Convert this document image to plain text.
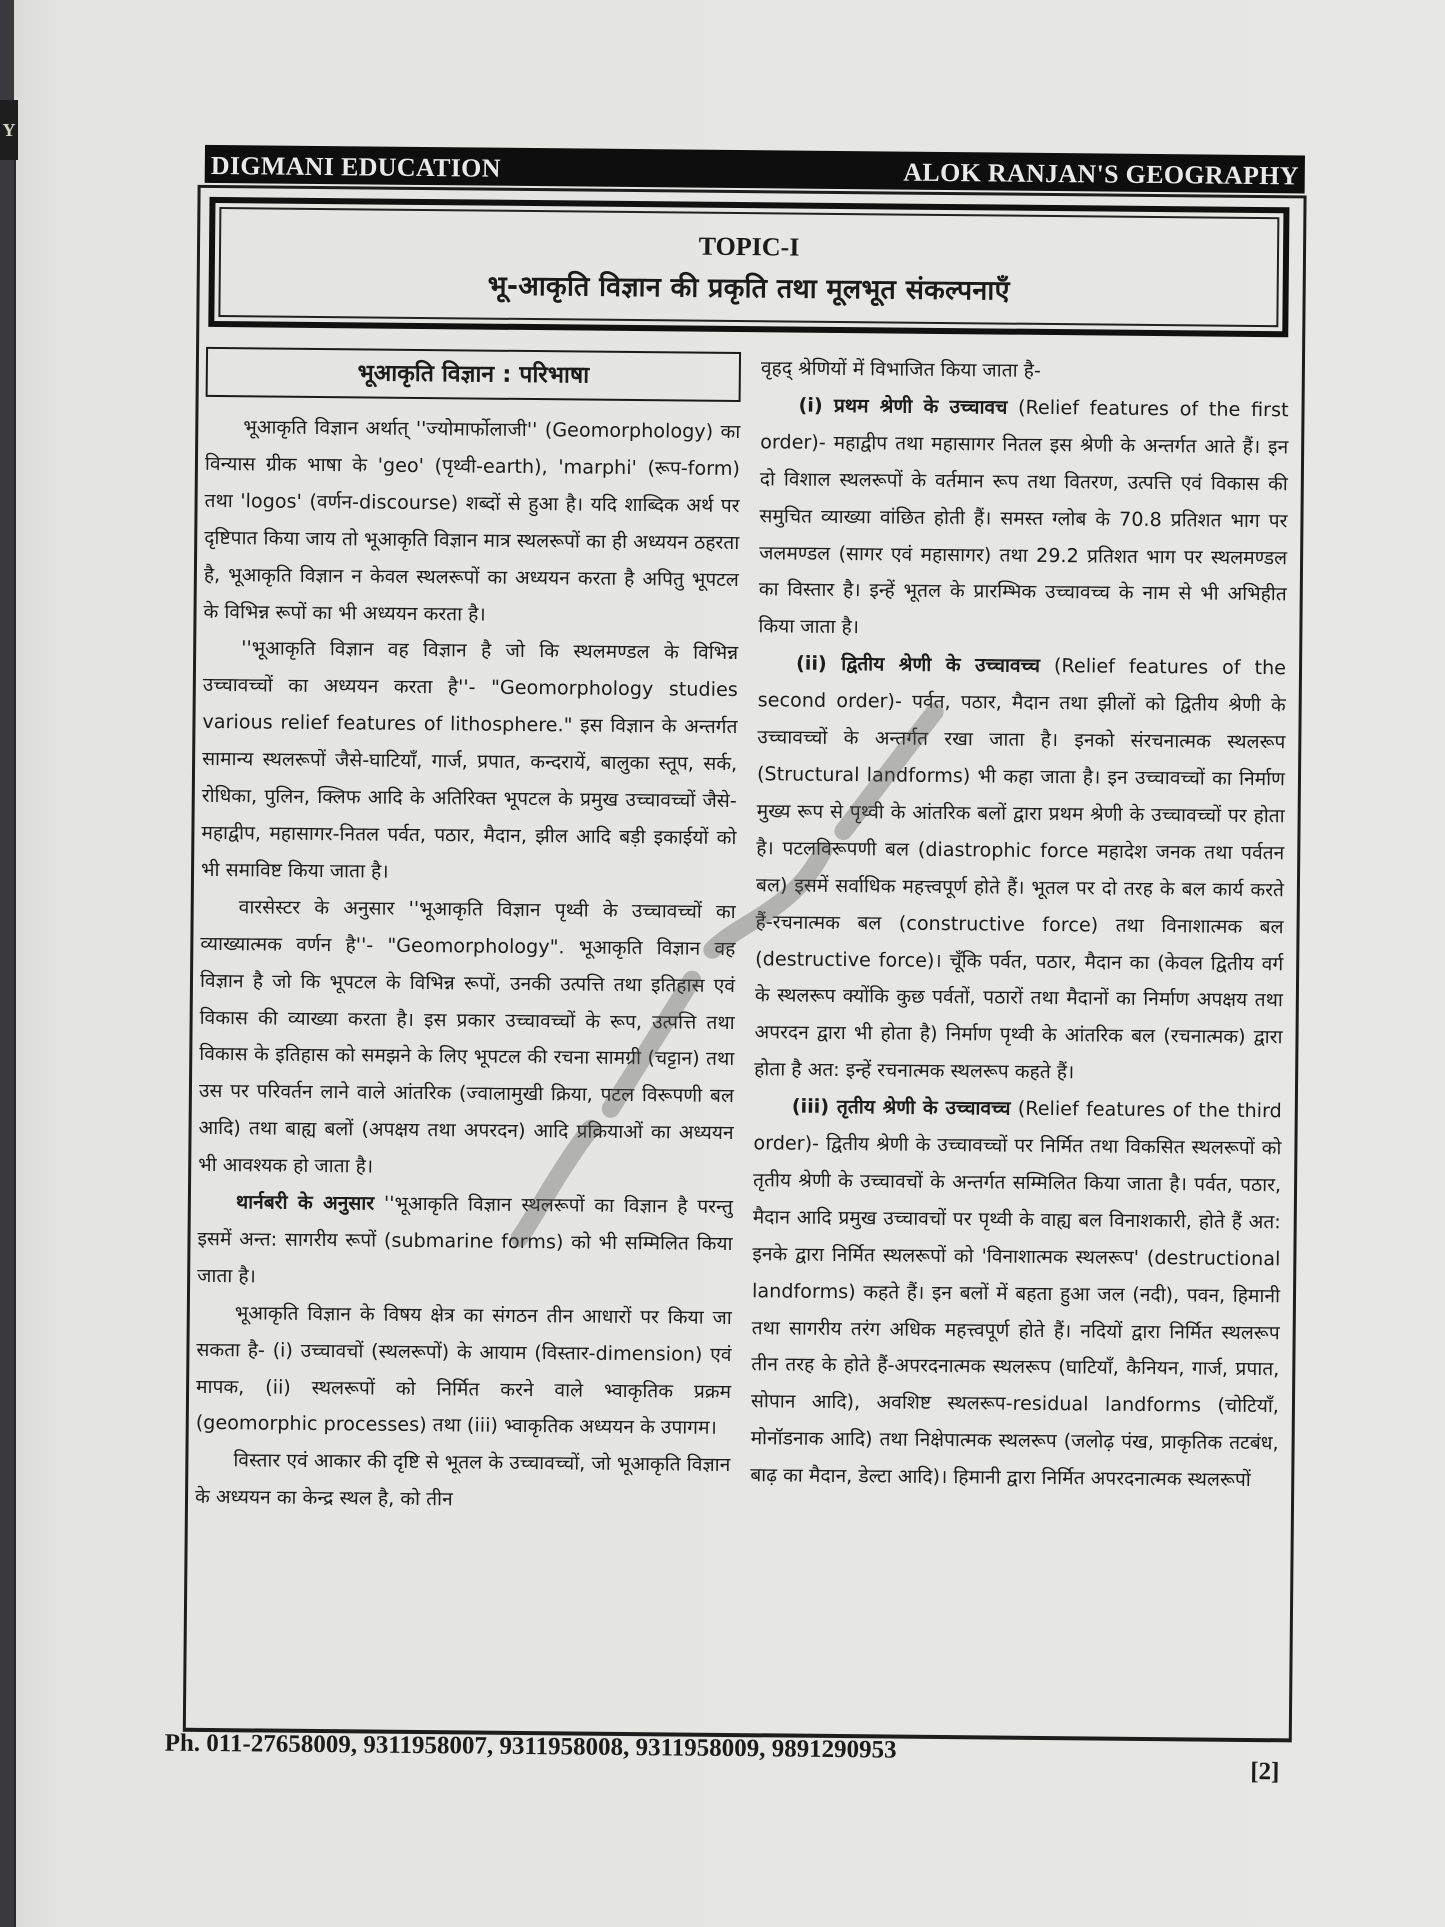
Y
DIGMANI EDUCATION	ALOK RANJAN'S GEOGRAPHY
TOPIC-I
भू-आकृति विज्ञान की प्रकृति तथा मूलभूत संकल्पनाएँ
भूआकृति विज्ञान : परिभाषा

भूआकृति विज्ञान अर्थात् ''ज्योमार्फोलाजी'' (Geomorphology) का विन्यास ग्रीक भाषा के 'geo' (पृथ्वी-earth), 'marphi' (रूप-form) तथा 'logos' (वर्णन-discourse) शब्दों से हुआ है। यदि शाब्दिक अर्थ पर दृष्टिपात किया जाय तो भूआकृति विज्ञान मात्र स्थलरूपों का ही अध्ययन ठहरता है, भूआकृति विज्ञान न केवल स्थलरूपों का अध्ययन करता है अपितु भूपटल के विभिन्न रूपों का भी अध्ययन करता है।

''भूआकृति विज्ञान वह विज्ञान है जो कि स्थलमण्डल के विभिन्न उच्चावच्चों का अध्ययन करता है''- "Geomorphology studies various relief features of lithosphere." इस विज्ञान के अन्तर्गत सामान्य स्थलरूपों जैसे-घाटियाँ, गार्ज, प्रपात, कन्दरायें, बालुका स्तूप, सर्क, रोधिका, पुलिन, क्लिफ आदि के अतिरिक्त भूपटल के प्रमुख उच्चावच्चों जैसे-महाद्वीप, महासागर-नितल पर्वत, पठार, मैदान, झील आदि बड़ी इकाईयों को भी समाविष्ट किया जाता है।

वारसेस्टर के अनुसार ''भूआकृति विज्ञान पृथ्वी के उच्चावच्चों का व्याख्यात्मक वर्णन है''- "Geomorphology". भूआकृति विज्ञान वह विज्ञान है जो कि भूपटल के विभिन्न रूपों, उनकी उत्पत्ति तथा इतिहास एवं विकास की व्याख्या करता है। इस प्रकार उच्चावच्चों के रूप, उत्पत्ति तथा विकास के इतिहास को समझने के लिए भूपटल की रचना सामग्री (चट्टान) तथा उस पर परिवर्तन लाने वाले आंतरिक (ज्वालामुखी क्रिया, पटल विरूपणी बल आदि) तथा बाह्य बलों (अपक्षय तथा अपरदन) आदि प्रक्रियाओं का अध्ययन भी आवश्यक हो जाता है।

थार्नबरी के अनुसार ''भूआकृति विज्ञान स्थलरूपों का विज्ञान है परन्तु इसमें अन्त: सागरीय रूपों (submarine forms) को भी सम्मिलित किया जाता है।

भूआकृति विज्ञान के विषय क्षेत्र का संगठन तीन आधारों पर किया जा सकता है- (i) उच्चावचों (स्थलरूपों) के आयाम (विस्तार-dimension) एवं मापक, (ii) स्थलरूपों को निर्मित करने वाले भ्वाकृतिक प्रक्रम (geomorphic processes) तथा (iii) भ्वाकृतिक अध्ययन के उपागम।

विस्तार एवं आकार की दृष्टि से भूतल के उच्चावच्चों, जो भूआकृति विज्ञान के अध्ययन का केन्द्र स्थल है, को तीन

वृहद् श्रेणियों में विभाजित किया जाता है-

(i) प्रथम श्रेणी के उच्चावच (Relief features of the first order)- महाद्वीप तथा महासागर नितल इस श्रेणी के अन्तर्गत आते हैं। इन दो विशाल स्थलरूपों के वर्तमान रूप तथा वितरण, उत्पत्ति एवं विकास की समुचित व्याख्या वांछित होती हैं। समस्त ग्लोब के 70.8 प्रतिशत भाग पर जलमण्डल (सागर एवं महासागर) तथा 29.2 प्रतिशत भाग पर स्थलमण्डल का विस्तार है। इन्हें भूतल के प्रारम्भिक उच्चावच्च के नाम से भी अभिहीत किया जाता है।

(ii) द्वितीय श्रेणी के उच्चावच्च (Relief features of the second order)- पर्वत, पठार, मैदान तथा झीलों को द्वितीय श्रेणी के उच्चावच्चों के अन्तर्गत रखा जाता है। इनको संरचनात्मक स्थलरूप (Structural landforms) भी कहा जाता है। इन उच्चावच्चों का निर्माण मुख्य रूप से पृथ्वी के आंतरिक बलों द्वारा प्रथम श्रेणी के उच्चावच्चों पर होता है। पटलविरूपणी बल (diastrophic force महादेश जनक तथा पर्वतन बल) इसमें सर्वाधिक महत्त्वपूर्ण होते हैं। भूतल पर दो तरह के बल कार्य करते हैं-रचनात्मक बल (constructive force) तथा विनाशात्मक बल (destructive force)। चूँकि पर्वत, पठार, मैदान का (केवल द्वितीय वर्ग के स्थलरूप क्योंकि कुछ पर्वतों, पठारों तथा मैदानों का निर्माण अपक्षय तथा अपरदन द्वारा भी होता है) निर्माण पृथ्वी के आंतरिक बल (रचनात्मक) द्वारा होता है अत: इन्हें रचनात्मक स्थलरूप कहते हैं।

(iii) तृतीय श्रेणी के उच्चावच्च (Relief features of the third order)- द्वितीय श्रेणी के उच्चावच्चों पर निर्मित तथा विकसित स्थलरूपों को तृतीय श्रेणी के उच्चावचों के अन्तर्गत सम्मिलित किया जाता है। पर्वत, पठार, मैदान आदि प्रमुख उच्चावचों पर पृथ्वी के वाह्य बल विनाशकारी, होते हैं अत: इनके द्वारा निर्मित स्थलरूपों को 'विनाशात्मक स्थलरूप' (destructional landforms) कहते हैं। इन बलों में बहता हुआ जल (नदी), पवन, हिमानी तथा सागरीय तरंग अधिक महत्त्वपूर्ण होते हैं। नदियों द्वारा निर्मित स्थलरूप तीन तरह के होते हैं-अपरदनात्मक स्थलरूप (घाटियाँ, कैनियन, गार्ज, प्रपात, सोपान आदि), अवशिष्ट स्थलरूप-residual landforms (चोटियाँ, मोनॉडनाक आदि) तथा निक्षेपात्मक स्थलरूप (जलोढ़ पंख, प्राकृतिक तटबंध, बाढ़ का मैदान, डेल्टा आदि)। हिमानी द्वारा निर्मित अपरदनात्मक स्थलरूपों

Ph. 011-27658009, 9311958007, 9311958008, 9311958009, 9891290953
[2]
